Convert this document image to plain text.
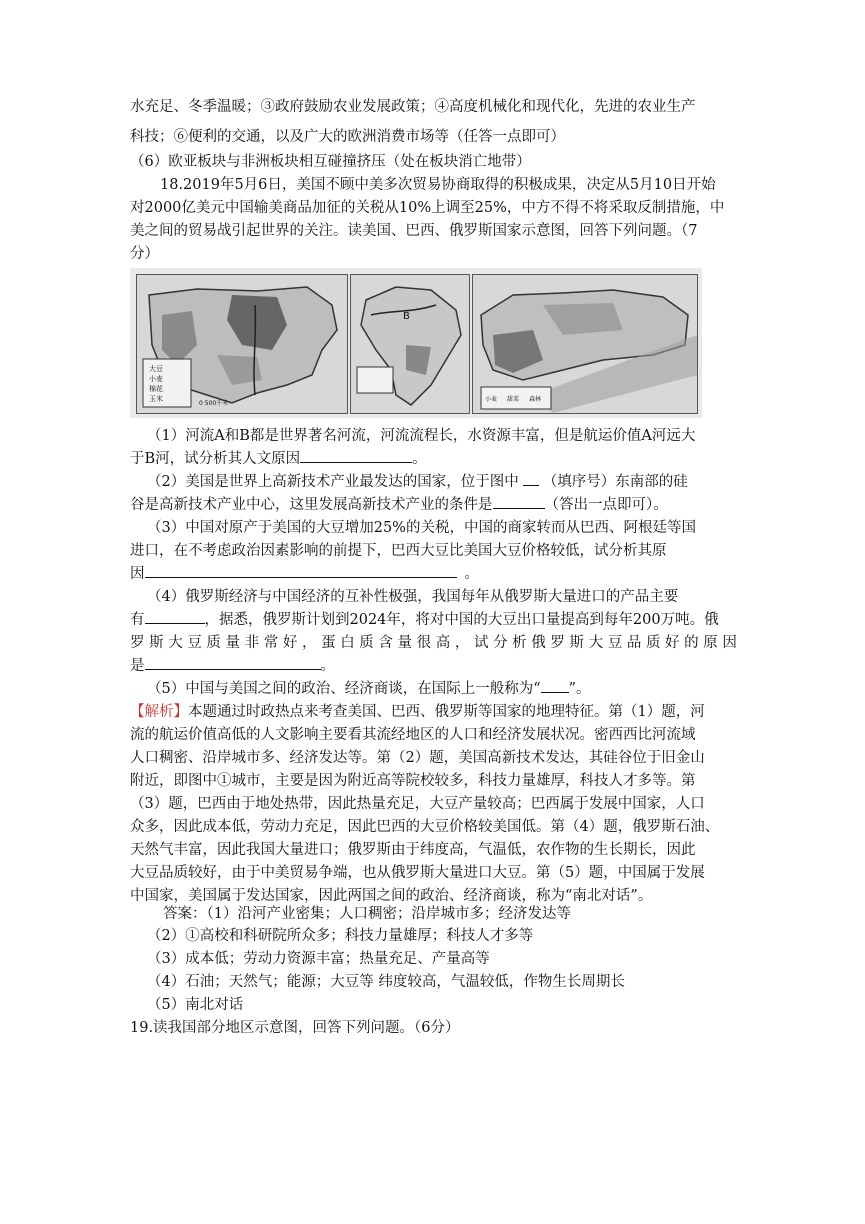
水充足、冬季温暖；③政府鼓励农业发展政策；④高度机械化和现代化，先进的农业生产
科技；⑥便利的交通，以及广大的欧洲消费市场等（任答一点即可）
（6）欧亚板块与非洲板块相互碰撞挤压（处在板块消亡地带）
18.2019年5月6日，美国不顾中美多次贸易协商取得的积极成果，决定从5月10日开始
对2000亿美元中国输美商品加征的关税从10%上调至25%，中方不得不将采取反制措施，中
美之间的贸易战引起世界的关注。读美国、巴西、俄罗斯国家示意图，回答下列问题。（7
分）
大豆
小麦
棉花
玉米
0 500千米
B
小麦 甜菜 森林
（1）河流A和B都是世界著名河流，河流流程长，水资源丰富，但是航运价值A河远大
于B河，试分析其人文原因	。
（2）美国是世界上高新技术产业最发达的国家，位于图中 （填序号）东南部的硅
谷是高新技术产业中心，这里发展高新技术产业的条件是	（答出一点即可）。
（3）中国对原产于美国的大豆增加25%的关税，中国的商家转而从巴西、阿根廷等国
进口，在不考虑政治因素影响的前提下，巴西大豆比美国大豆价格较低，试分析其原
因	。
（4）俄罗斯经济与中国经济的互补性极强，我国每年从俄罗斯大量进口的产品主要
有	，据悉，俄罗斯计划到2024年，将对中国的大豆出口量提高到每年200万吨。俄
罗 斯 大 豆 质 量 非 常 好 ， 蛋 白 质 含 量 很 高 ， 试 分 析 俄 罗 斯 大 豆 品 质 好 的 原 因
是	。
（5）中国与美国之间的政治、经济商谈，在国际上一般称为“ ”。
【解析】本题通过时政热点来考查美国、巴西、俄罗斯等国家的地理特征。第（1）题，河
流的航运价值高低的人文影响主要看其流经地区的人口和经济发展状况。密西西比河流域
人口稠密、沿岸城市多、经济发达等。第（2）题，美国高新技术发达，其硅谷位于旧金山
附近，即图中①城市，主要是因为附近高等院校较多，科技力量雄厚，科技人才多等。第
（3）题，巴西由于地处热带，因此热量充足，大豆产量较高；巴西属于发展中国家，人口
众多，因此成本低，劳动力充足，因此巴西的大豆价格较美国低。第（4）题，俄罗斯石油、
天然气丰富，因此我国大量进口；俄罗斯由于纬度高，气温低，农作物的生长期长，因此
大豆品质较好，由于中美贸易争端，也从俄罗斯大量进口大豆。第（5）题，中国属于发展
中国家，美国属于发达国家，因此两国之间的政治、经济商谈，称为“南北对话”。
答案：（1）沿河产业密集；人口稠密；沿岸城市多；经济发达等
（2）①高校和科研院所众多；科技力量雄厚；科技人才多等
（3）成本低；劳动力资源丰富；热量充足、产量高等
（4）石油；天然气；能源；大豆等 纬度较高，气温较低，作物生长周期长
（5）南北对话
19.读我国部分地区示意图，回答下列问题。（6分）
